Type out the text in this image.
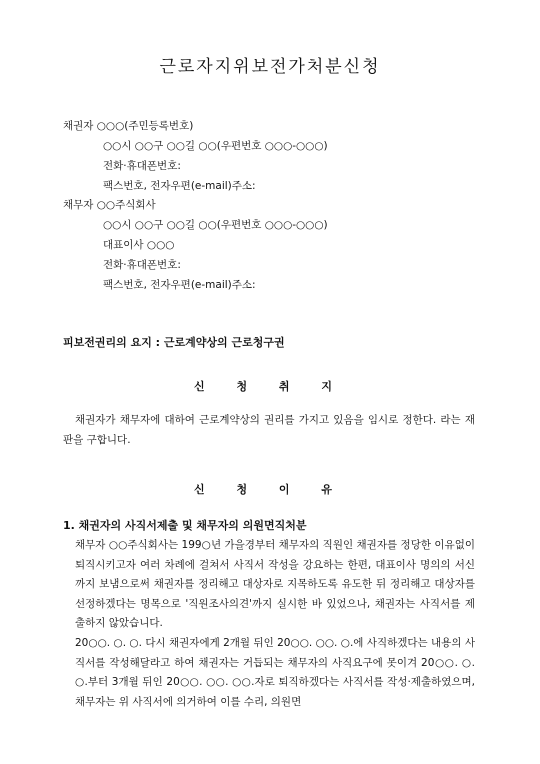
근로자지위보전가처분신청
채권자 ○○○(주민등록번호)
○○시 ○○구 ○○길 ○○(우편번호 ○○○-○○○)
전화·휴대폰번호:
팩스번호, 전자우편(e-mail)주소:
채무자 ○○주식회사
○○시 ○○구 ○○길 ○○(우편번호 ○○○-○○○)
대표이사 ○○○
전화·휴대폰번호:
팩스번호, 전자우편(e-mail)주소:
피보전권리의 요지 : 근로계약상의 근로청구권
신 청 취 지
채권자가 채무자에 대하여 근로계약상의 권리를 가지고 있음을 임시로 정한다. 라는 재판을 구합니다.
신 청 이 유
1. 채권자의 사직서제출 및 채무자의 의원면직처분
채무자 ○○주식회사는 199○년 가을경부터 채무자의 직원인 채권자를 정당한 이유없이 퇴직시키고자 여러 차례에 걸쳐서 사직서 작성을 강요하는 한편, 대표이사 명의의 서신까지 보냄으로써 채권자를 정리해고 대상자로 지목하도록 유도한 뒤 정리해고 대상자를 선정하겠다는 명목으로 '직원조사의견'까지 실시한 바 있었으나, 채권자는 사직서를 제출하지 않았습니다.
20○○. ○. ○. 다시 채권자에게 2개월 뒤인 20○○. ○○. ○.에 사직하겠다는 내용의 사직서를 작성해달라고 하여 채권자는 거듭되는 채무자의 사직요구에 못이겨 20○○. ○. ○.부터 3개월 뒤인 20○○. ○○. ○○.자로 퇴직하겠다는 사직서를 작성·제출하였으며, 채무자는 위 사직서에 의거하여 이를 수리, 의원면
